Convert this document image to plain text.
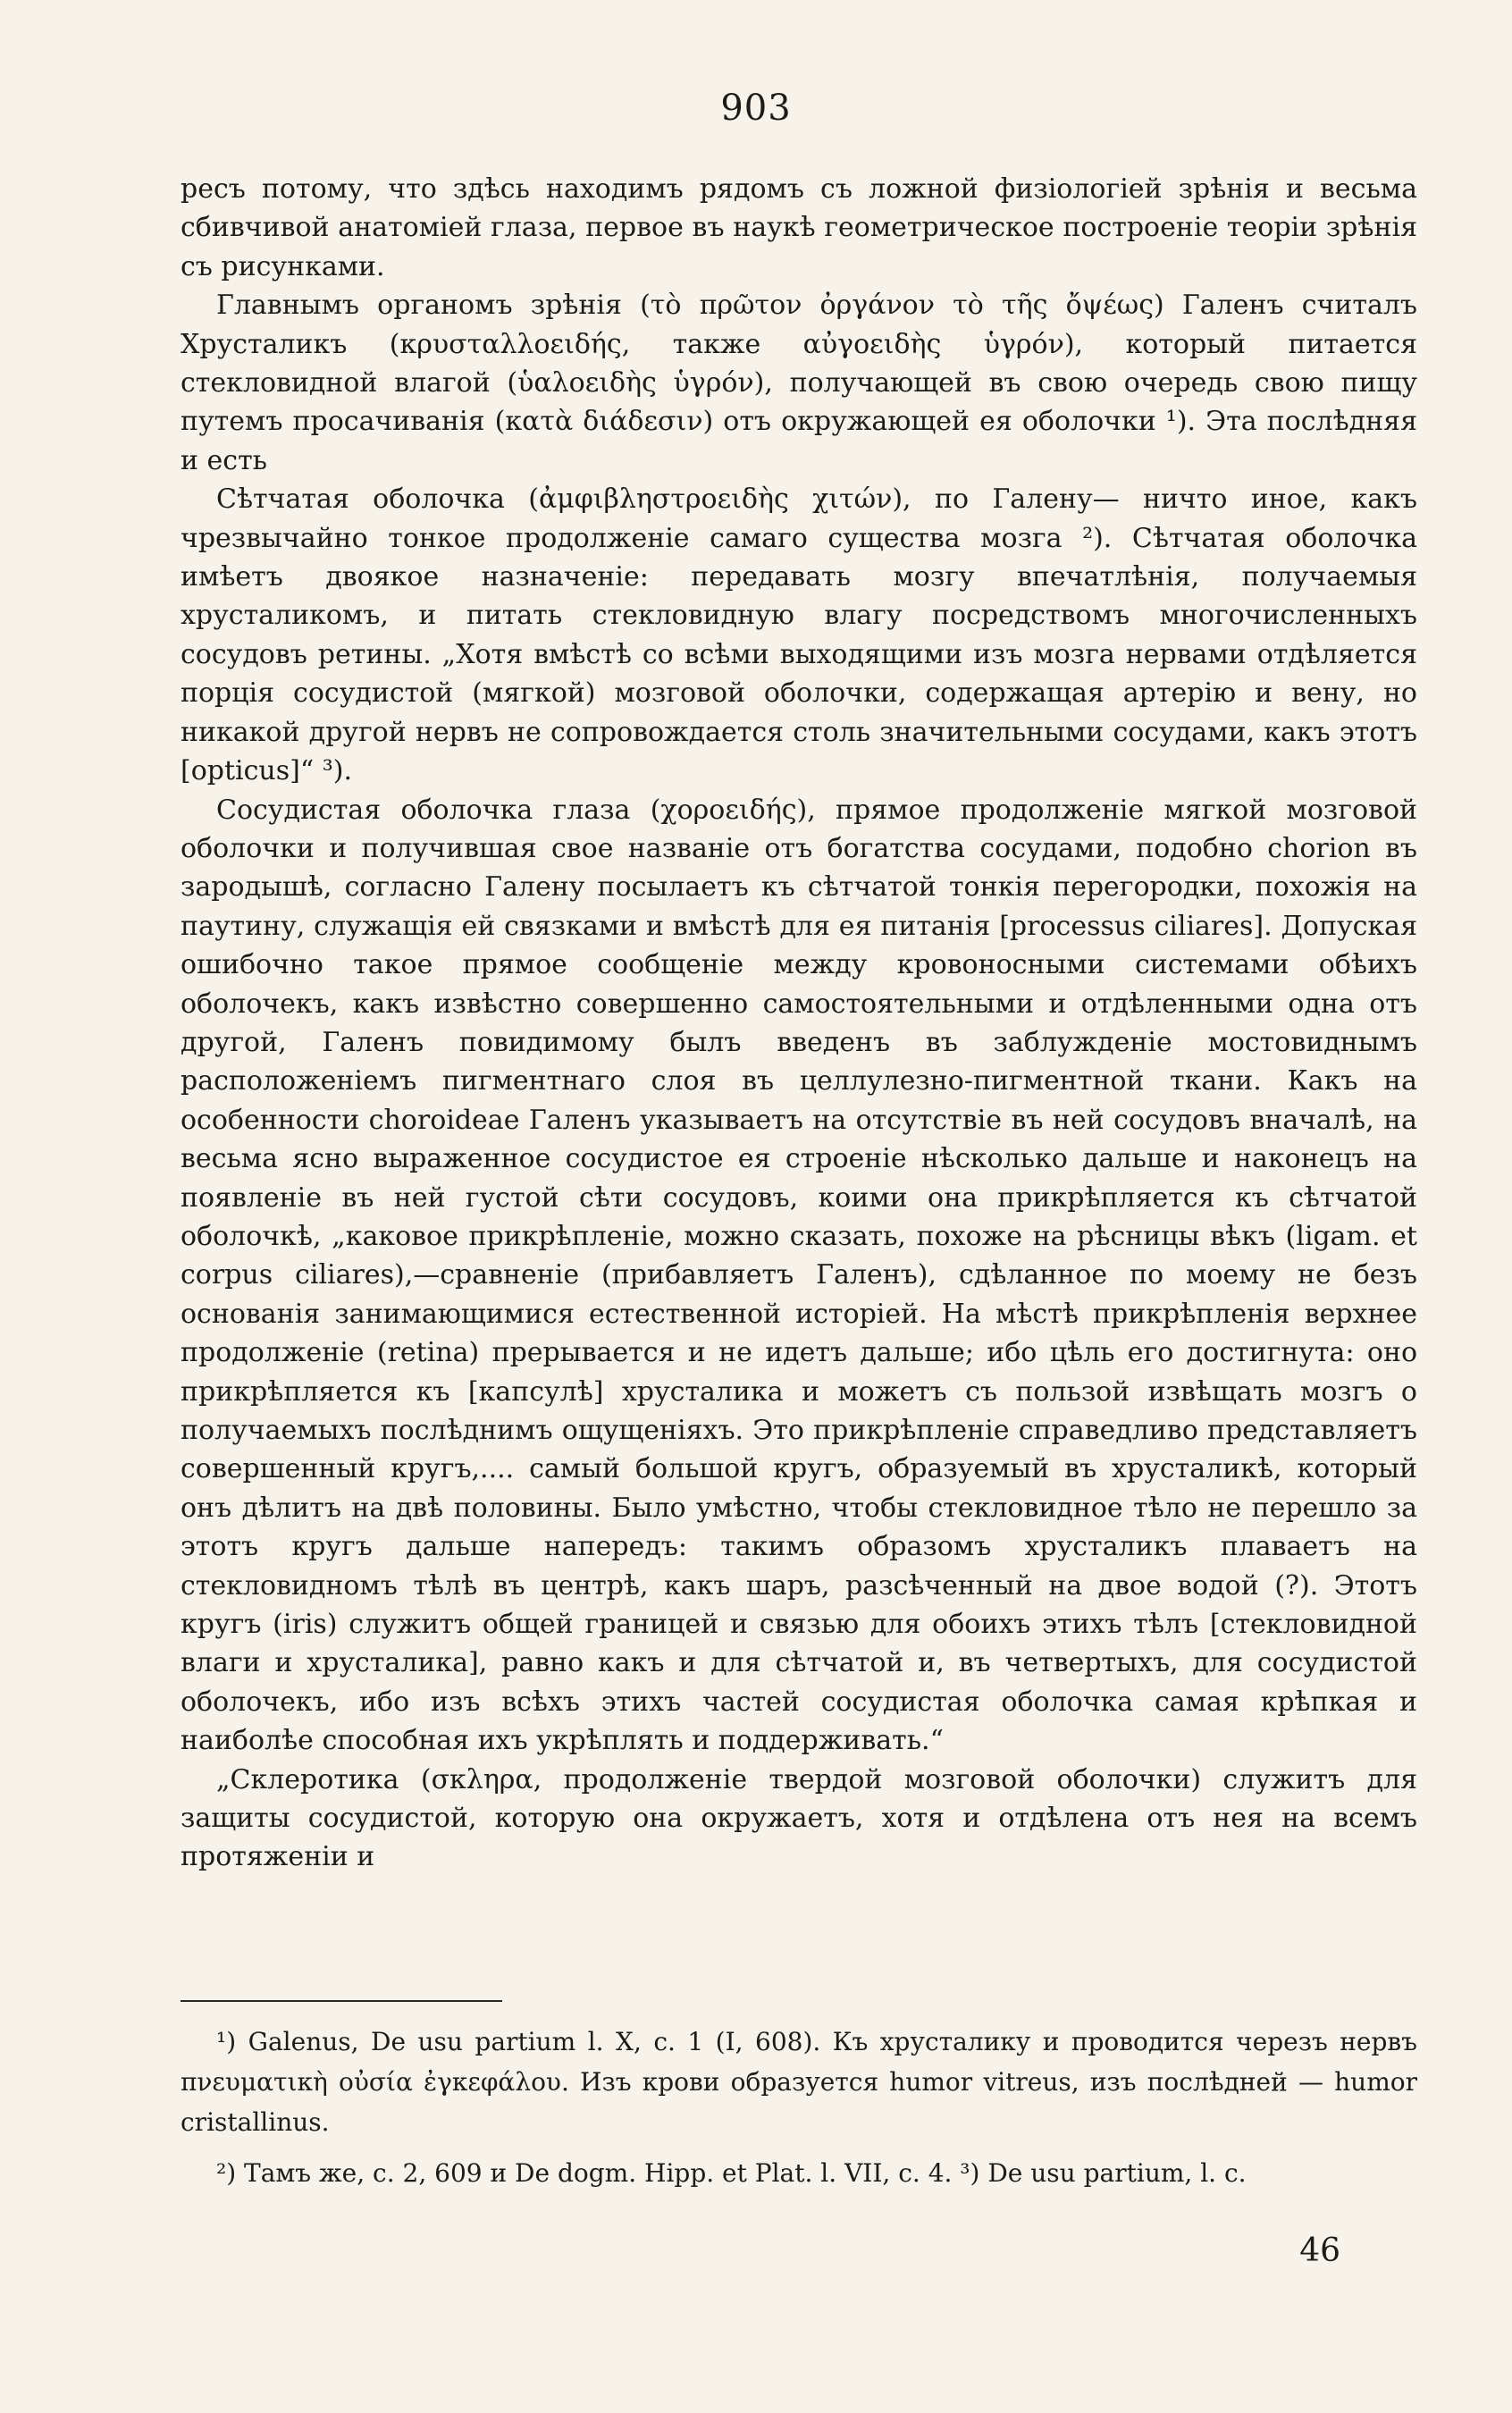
903

ресъ потому, что здѣсь находимъ рядомъ съ ложной физіологіей зрѣнія и весьма сбивчивой анатоміей глаза, первое въ наукѣ геометрическое построеніе теоріи зрѣнія съ рисунками.

Главнымъ органомъ зрѣнія (τὸ πρῶτον ὀργάνον τὸ τῆς ὄψέως) Галенъ считалъ Хрусталикъ (κρυσταλλοειδής, также αὐγοειδὴς ὑγρόν), который питается стекловидной влагой (ὑαλοειδὴς ὑγρόν), получающей въ свою очередь свою пищу путемъ просачиванія (κατὰ διάδεσιν) отъ окружающей ея оболочки ¹). Эта послѣдняя и есть

Сѣтчатая оболочка (ἀμφιβληστροειδὴς χιτών), по Галену— ничто иное, какъ чрезвычайно тонкое продолженіе самаго существа мозга ²). Сѣтчатая оболочка имѣетъ двоякое назначеніе: передавать мозгу впечатлѣнія, получаемыя хрусталикомъ, и питать стекловидную влагу посредствомъ многочисленныхъ сосудовъ ретины. „Хотя вмѣстѣ со всѣми выходящими изъ мозга нервами отдѣляется порція сосудистой (мягкой) мозговой оболочки, содержащая артерію и вену, но никакой другой нервъ не сопровождается столь значительными сосудами, какъ этотъ [opticus]“ ³).

Сосудистая оболочка глаза (χοροειδής), прямое продолженіе мягкой мозговой оболочки и получившая свое названіе отъ богатства сосудами, подобно chorion въ зародышѣ, согласно Галену посылаетъ къ сѣтчатой тонкія перегородки, похожія на паутину, служащія ей связками и вмѣстѣ для ея питанія [processus ciliares]. Допуская ошибочно такое прямое сообщеніе между кровоносными системами обѣихъ оболочекъ, какъ извѣстно совершенно самостоятельными и отдѣленными одна отъ другой, Галенъ повидимому былъ введенъ въ заблужденіе мостовиднымъ расположеніемъ пигментнаго слоя въ целлулезно-пигментной ткани. Какъ на особенности choroideae Галенъ указываетъ на отсутствіе въ ней сосудовъ вначалѣ, на весьма ясно выраженное сосудистое ея строеніе нѣсколько дальше и наконецъ на появленіе въ ней густой сѣти сосудовъ, коими она прикрѣпляется къ сѣтчатой оболочкѣ, „каковое прикрѣпленіе, можно сказать, похоже на рѣсницы вѣкъ (ligam. et corpus ciliares),—сравненіе (прибавляетъ Галенъ), сдѣланное по моему не безъ основанія занимающимися естественной исторіей. На мѣстѣ прикрѣпленія верхнее продолженіе (retina) прерывается и не идетъ дальше; ибо цѣль его достигнута: оно прикрѣпляется къ [капсулѣ] хрусталика и можетъ съ пользой извѣщать мозгъ о получаемыхъ послѣднимъ ощущеніяхъ. Это прикрѣпленіе справедливо представляетъ совершенный кругъ,.... самый большой кругъ, образуемый въ хрусталикѣ, который онъ дѣлитъ на двѣ половины. Было умѣстно, чтобы стекловидное тѣло не перешло за этотъ кругъ дальше напередъ: такимъ образомъ хрусталикъ плаваетъ на стекловидномъ тѣлѣ въ центрѣ, какъ шаръ, разсѣченный на двое водой (?). Этотъ кругъ (iris) служитъ общей границей и связью для обоихъ этихъ тѣлъ [стекловидной влаги и хрусталика], равно какъ и для сѣтчатой и, въ четвертыхъ, для сосудистой оболочекъ, ибо изъ всѣхъ этихъ частей сосудистая оболочка самая крѣпкая и наиболѣе способная ихъ укрѣплять и поддерживать.“

„Склеротика (σκληρα, продолженіе твердой мозговой оболочки) служитъ для защиты сосудистой, которую она окружаетъ, хотя и отдѣлена отъ нея на всемъ протяженіи и

¹) Galenus, De usu partium l. X, c. 1 (I, 608). Къ хрусталику и проводится черезъ нервъ πνευματικὴ οὐσία ἐγκεφάλου. Изъ крови образуется humor vitreus, изъ послѣдней — humor cristallinus.

²) Тамъ же, c. 2, 609 и De dogm. Hipp. et Plat. l. VII, c. 4. ³) De usu partium, l. c.

46
